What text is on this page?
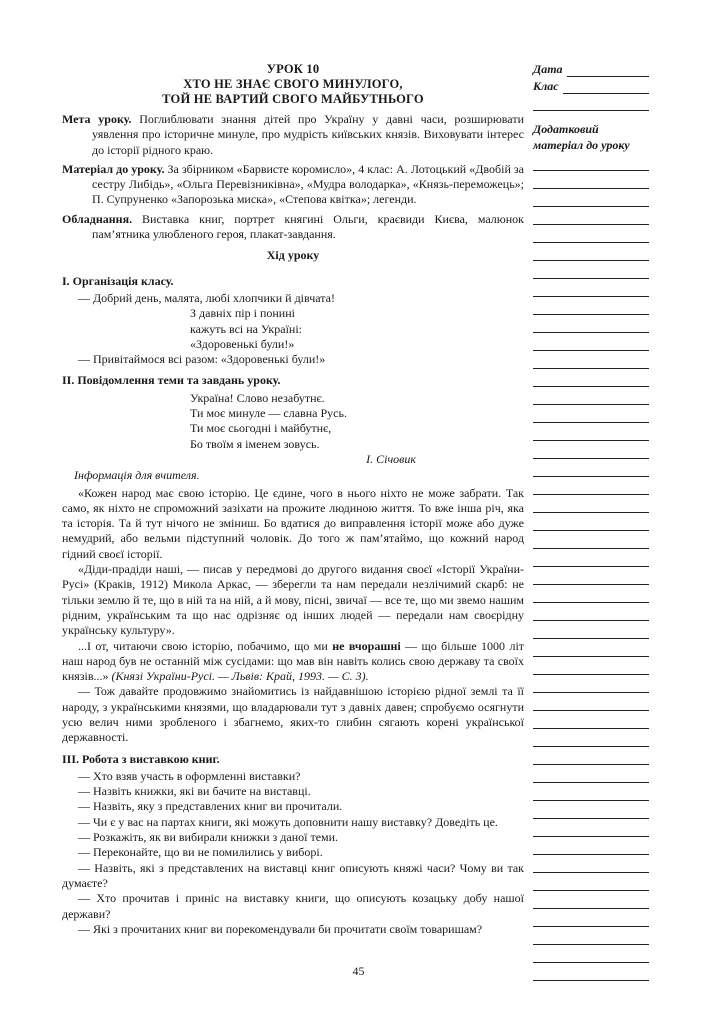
УРОК 10
ХТО НЕ ЗНАЄ СВОГО МИНУЛОГО,
ТОЙ НЕ ВАРТИЙ СВОГО МАЙБУТНЬОГО

Мета уроку. Поглиблювати знання дітей про Україну у давні часи, розширювати уявлення про історичне минуле, про мудрість київських князів. Виховувати інтерес до історії рідного краю.

Матеріал до уроку. За збірником «Барвисте коромисло», 4 клас: А. Лотоцький «Двобій за сестру Либідь», «Ольга Перевізниківна», «Мудра володарка», «Князь-переможець»; П. Супруненко «Запорозька миска», «Степова квітка»; легенди.

Обладнання. Виставка книг, портрет княгині Ольги, краєвиди Києва, малюнок пам’ятника улюбленого героя, плакат-завдання.

Хід уроку
І. Організація класу.

— Добрий день, малята, любі хлопчики й дівчата!

З давніх пір і понині
кажуть всі на Україні:
«Здоровенькі були!»

— Привітаймося всі разом: «Здоровенькі були!»

ІІ. Повідомлення теми та завдань уроку.
Україна! Слово незабутнє.
Ти моє минуле — славна Русь.
Ти моє сьогодні і майбутнє,
Бо твоїм я іменем зовусь.
І. Січовик
Інформація для вчителя.

«Кожен народ має свою історію. Це єдине, чого в нього ніхто не може забрати. Так само, як ніхто не спроможний зазіхати на прожите людиною життя. То вже інша річ, яка та історія. Та й тут нічого не зміниш. Бо вдатися до виправлення історії може або дуже немудрий, або вельми підступний чоловік. До того ж пам’ятаймо, що кожний народ гідний своєї історії.

«Діди-прадіди наші, — писав у передмові до другого видання своєї «Історії України-Русі» (Краків, 1912) Микола Аркас, — зберегли та нам передали незлічимий скарб: не тільки землю й те, що в ній та на ній, а й мову, пісні, звичаї — все те, що ми звемо нашим рідним, українським та що нас одрізняє од інших людей — передали нам своєрідну українську культуру».

...І от, читаючи свою історію, побачимо, що ми не вчорашні — що більше 1000 літ наш народ був не останній між сусідами: що мав він навіть колись свою державу та своїх князів...» (Князі України-Русі. — Львів: Край, 1993. — С. 3).

— Тож давайте продовжимо знайомитись із найдавнішою історією рідної землі та її народу, з українськими князями, що владарювали тут з давніх давен; спробуємо осягнути усю велич ними зробленого і збагнемо, яких-то глибин сягають корені української державності.

ІІІ. Робота з виставкою книг.

— Хто взяв участь в оформленні виставки?

— Назвіть книжки, які ви бачите на виставці.

— Назвіть, яку з представлених книг ви прочитали.

— Чи є у вас на партах книги, які можуть доповнити нашу виставку? Доведіть це.

— Розкажіть, як ви вибирали книжки з даної теми.

— Переконайте, що ви не помилились у виборі.

— Назвіть, які з представлених на виставці книг описують княжі часи? Чому ви так думаєте?

— Хто прочитав і приніс на виставку книги, що описують козацьку добу нашої держави?

— Які з прочитаних книг ви порекомендували би прочитати своїм товаришам?

Дата
Клас
Додатковий матеріал до уроку
45
